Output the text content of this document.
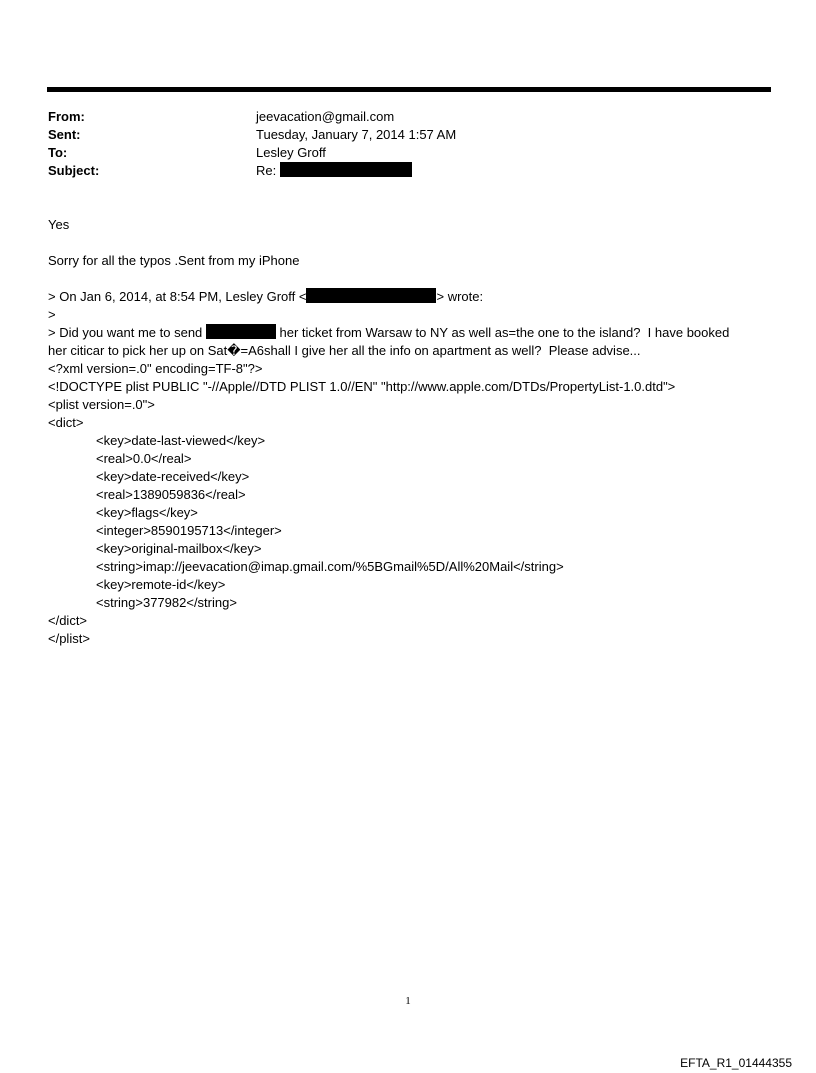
From:	jeevacation@gmail.com
Sent:	Tuesday, January 7, 2014 1:57 AM
To:	Lesley Groff
Subject:	Re:

Yes

Sorry for all the typos .Sent from my iPhone

> On Jan 6, 2014, at 8:54 PM, Lesley Groff <	> wrote:

>

> Did you want me to send	her ticket from Warsaw to NY as well as=the one to the island?  I have booked

her citicar to pick her up on Sat�=A6shall I give her all the info on apartment as well?  Please advise...

<?xml version=.0" encoding=TF-8"?>

<!DOCTYPE plist PUBLIC "-//Apple//DTD PLIST 1.0//EN" "http://www.apple.com/DTDs/PropertyList-1.0.dtd">

<plist version=.0">

<dict>

<key>date-last-viewed</key>

<real>0.0</real>

<key>date-received</key>

<real>1389059836</real>

<key>flags</key>

<integer>8590195713</integer>

<key>original-mailbox</key>

<string>imap://jeevacation@imap.gmail.com/%5BGmail%5D/All%20Mail</string>

<key>remote-id</key>

<string>377982</string>

</dict>

</plist>

1
EFTA_R1_01444355
